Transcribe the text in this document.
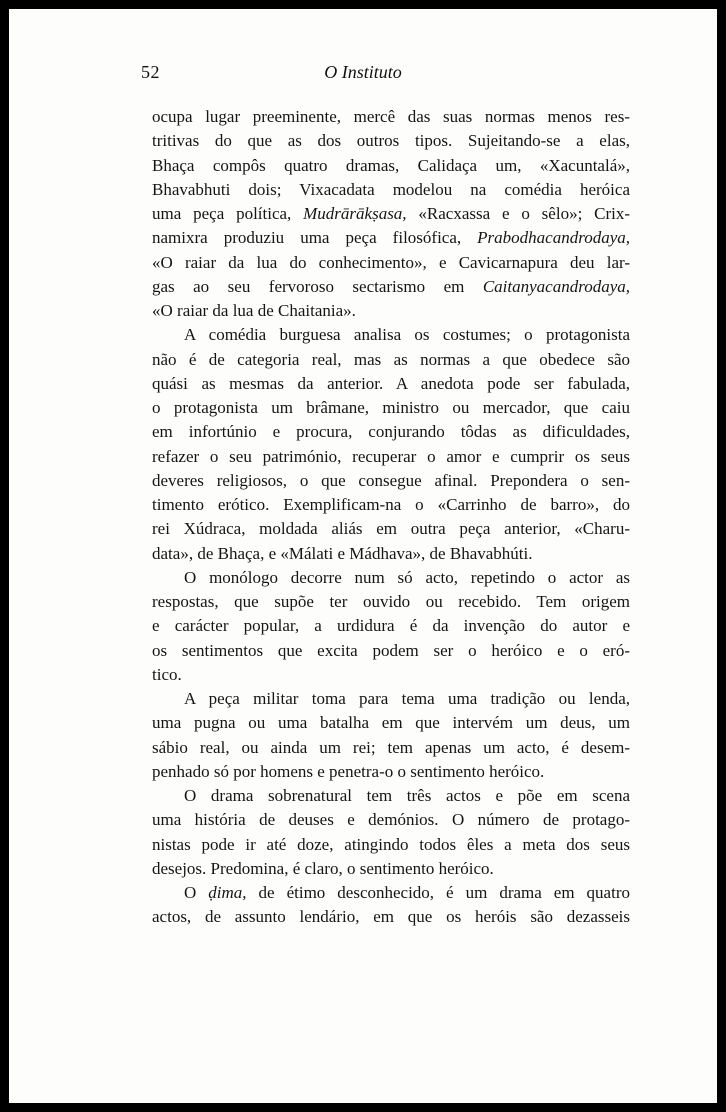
52	O Instituto
ocupa lugar preeminente, mercê das suas normas menos res-
tritivas do que as dos outros tipos. Sujeitando-se a elas,
Bhaça compôs quatro dramas, Calidaça um, «Xacuntalá»,
Bhavabhuti dois; Vixacadata modelou na comédia heróica
uma peça política, Mudrārākṣasa, «Racxassa e o sêlo»; Crix-
namixra produziu uma peça filosófica, Prabodhacandrodaya,
«O raiar da lua do conhecimento», e Cavicarnapura deu lar-
gas ao seu fervoroso sectarismo em Caitanyacandrodaya,
«O raiar da lua de Chaitania».
A comédia burguesa analisa os costumes; o protagonista
não é de categoria real, mas as normas a que obedece são
quási as mesmas da anterior. A anedota pode ser fabulada,
o protagonista um brâmane, ministro ou mercador, que caiu
em infortúnio e procura, conjurando tôdas as dificuldades,
refazer o seu património, recuperar o amor e cumprir os seus
deveres religiosos, o que consegue afinal. Prepondera o sen-
timento erótico. Exemplificam-na o «Carrinho de barro», do
rei Xúdraca, moldada aliás em outra peça anterior, «Charu-
data», de Bhaça, e «Málati e Mádhava», de Bhavabhúti.
O monólogo decorre num só acto, repetindo o actor as
respostas, que supõe ter ouvido ou recebido. Tem origem
e carácter popular, a urdidura é da invenção do autor e
os sentimentos que excita podem ser o heróico e o eró-
tico.
A peça militar toma para tema uma tradição ou lenda,
uma pugna ou uma batalha em que intervém um deus, um
sábio real, ou ainda um rei; tem apenas um acto, é desem-
penhado só por homens e penetra-o o sentimento heróico.
O drama sobrenatural tem três actos e põe em scena
uma história de deuses e demónios. O número de protago-
nistas pode ir até doze, atingindo todos êles a meta dos seus
desejos. Predomina, é claro, o sentimento heróico.
O ḍima, de étimo desconhecido, é um drama em quatro
actos, de assunto lendário, em que os heróis são dezasseis
